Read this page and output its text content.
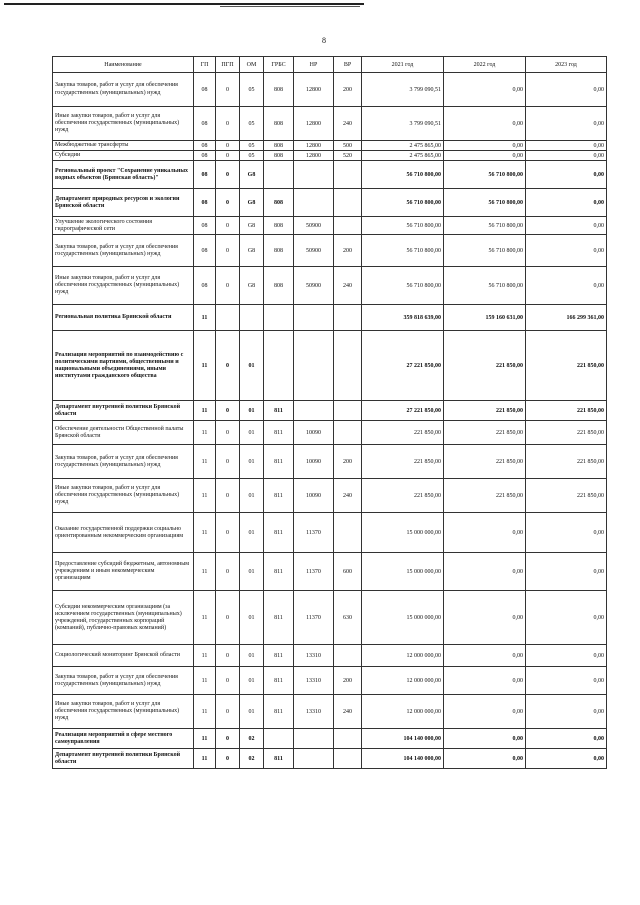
8
Наименование	ГП	ПГП	ОМ	ГРБС	НР	ВР	2021 год	2022 год	2023 год
Закупка товаров, работ и услуг для обеспечения государственных (муниципальных) нужд	08	0	05	808	12800	200	3 799 090,51	0,00	0,00
Иные закупки товаров, работ и услуг для обеспечения государственных (муниципальных) нужд	08	0	05	808	12800	240	3 799 090,51	0,00	0,00
Межбюджетные трансферты	08	0	05	808	12800	500	2 475 865,00	0,00	0,00
Субсидии	08	0	05	808	12800	520	2 475 865,00	0,00	0,00
Региональный проект "Сохранение уникальных водных объектов (Брянская область)"	08	0	G8				56 710 800,00	56 710 800,00	0,00
Департамент природных ресурсов и экологии Брянской области	08	0	G8	808			56 710 800,00	56 710 800,00	0,00
Улучшение экологического состояния гидрографической сети	08	0	G8	808	50900		56 710 800,00	56 710 800,00	0,00
Закупка товаров, работ и услуг для обеспечения государственных (муниципальных) нужд	08	0	G8	808	50900	200	56 710 800,00	56 710 800,00	0,00
Иные закупки товаров, работ и услуг для обеспечения государственных (муниципальных) нужд	08	0	G8	808	50900	240	56 710 800,00	56 710 800,00	0,00
Региональная политика Брянской области	11						359 818 639,00	159 160 631,00	166 299 361,00
Реализация мероприятий по взаимодействию с политическими партиями, общественными и национальными объединениями, иными институтами гражданского общества	11	0	01				27 221 850,00	221 850,00	221 850,00
Департамент внутренней политики Брянской области	11	0	01	811			27 221 850,00	221 850,00	221 850,00
Обеспечение деятельности Общественной палаты Брянской области	11	0	01	811	10090		221 850,00	221 850,00	221 850,00
Закупка товаров, работ и услуг для обеспечения государственных (муниципальных) нужд	11	0	01	811	10090	200	221 850,00	221 850,00	221 850,00
Иные закупки товаров, работ и услуг для обеспечения государственных (муниципальных) нужд	11	0	01	811	10090	240	221 850,00	221 850,00	221 850,00
Оказание государственной поддержки социально ориентированным некоммерческим организациям	11	0	01	811	11370		15 000 000,00	0,00	0,00
Предоставление субсидий бюджетным, автономным учреждениям и иным некоммерческим организациям	11	0	01	811	11370	600	15 000 000,00	0,00	0,00
Субсидии некоммерческим организациям (за исключением государственных (муниципальных) учреждений, государственных корпораций (компаний), публично-правовых компаний)	11	0	01	811	11370	630	15 000 000,00	0,00	0,00
Социологический мониторинг Брянской области	11	0	01	811	13310		12 000 000,00	0,00	0,00
Закупка товаров, работ и услуг для обеспечения государственных (муниципальных) нужд	11	0	01	811	13310	200	12 000 000,00	0,00	0,00
Иные закупки товаров, работ и услуг для обеспечения государственных (муниципальных) нужд	11	0	01	811	13310	240	12 000 000,00	0,00	0,00
Реализация мероприятий в сфере местного самоуправления	11	0	02				104 140 000,00	0,00	0,00
Департамент внутренней политики Брянской области	11	0	02	811			104 140 000,00	0,00	0,00
